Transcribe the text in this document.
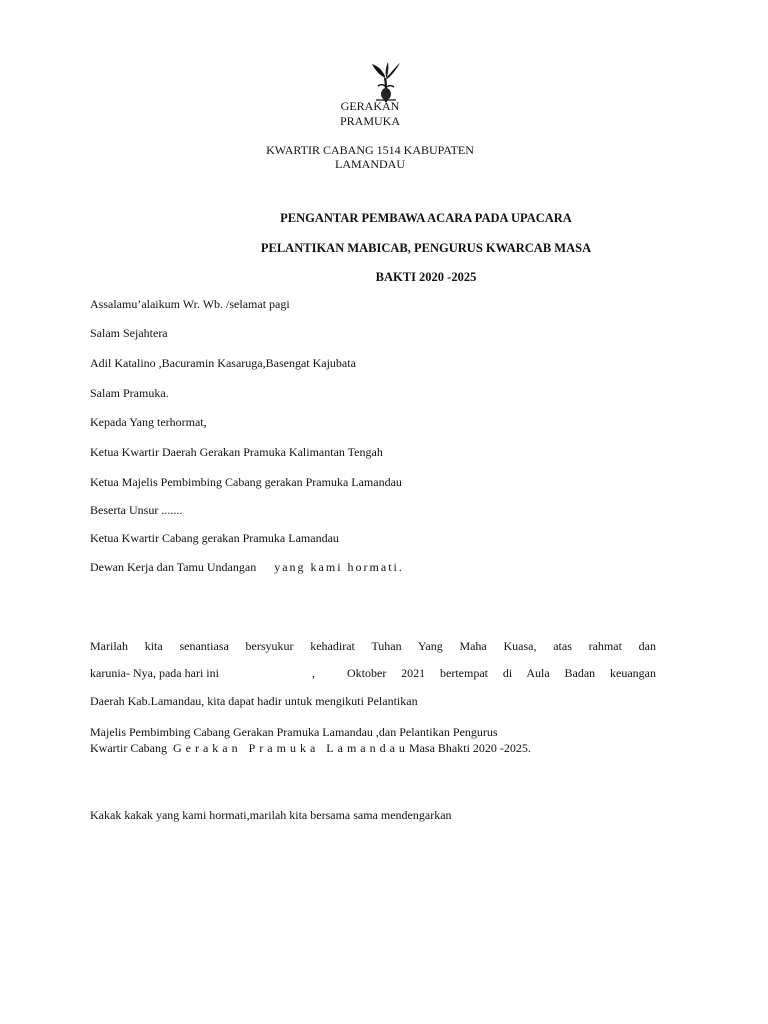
GERAKAN
PRAMUKA
KWARTIR CABANG 1514 KABUPATEN
LAMANDAU
PENGANTAR PEMBAWA ACARA PADA UPACARA
PELANTIKAN MABICAB, PENGURUS KWARCAB MASA
BAKTI 2020 -2025
Assalamu’alaikum Wr. Wb. /selamat pagi
Salam Sejahtera
Adil Katalino ,Bacuramin Kasaruga,Basengat Kajubata
Salam Pramuka.
Kepada Yang terhormat,
Ketua Kwartir Daerah Gerakan Pramuka Kalimantan Tengah
Ketua Majelis Pembimbing Cabang gerakan Pramuka Lamandau
Beserta Unsur .......
Ketua Kwartir Cabang gerakan Pramuka Lamandau
Dewan Kerja dan Tamu Undangan yang kami hormati.
Marilah kita senantiasa bersyukur kehadirat Tuhan Yang Maha Kuasa, atas rahmat dan
karunia- Nya, pada hari ini	,	Oktober 2021 bertempat di Aula Badan keuangan
Daerah Kab.Lamandau, kita dapat hadir untuk mengikuti Pelantikan
Majelis Pembimbing Cabang Gerakan Pramuka Lamandau ,dan Pelantikan Pengurus
Kwartir Cabang Gerakan Pramuka LamandauMasa Bhakti 2020 -2025.
Kakak kakak yang kami hormati,marilah kita bersama sama mendengarkan
